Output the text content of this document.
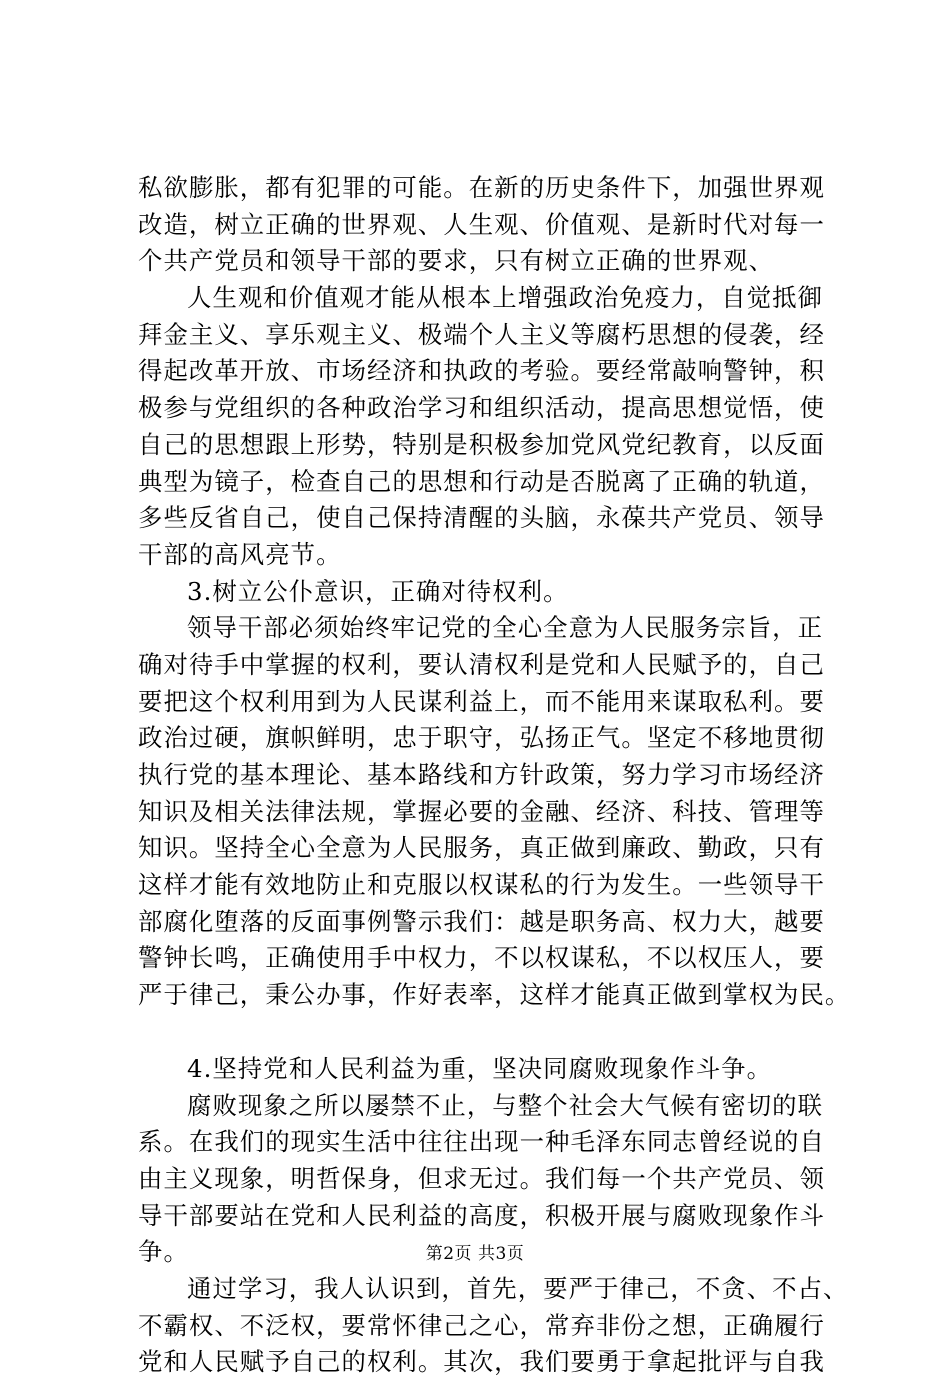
私欲膨胀，都有犯罪的可能。在新的历史条件下，加强世界观
改造，树立正确的世界观、人生观、价值观、是新时代对每一
个共产党员和领导干部的要求，只有树立正确的世界观、
人生观和价值观才能从根本上增强政治免疫力，自觉抵御
拜金主义、享乐观主义、极端个人主义等腐朽思想的侵袭，经
得起改革开放、市场经济和执政的考验。要经常敲响警钟，积
极参与党组织的各种政治学习和组织活动，提高思想觉悟，使
自己的思想跟上形势，特别是积极参加党风党纪教育，以反面
典型为镜子，检查自己的思想和行动是否脱离了正确的轨道，
多些反省自己，使自己保持清醒的头脑，永葆共产党员、领导
干部的高风亮节。
3.树立公仆意识，正确对待权利。
领导干部必须始终牢记党的全心全意为人民服务宗旨，正
确对待手中掌握的权利，要认清权利是党和人民赋予的，自己
要把这个权利用到为人民谋利益上，而不能用来谋取私利。要
政治过硬，旗帜鲜明，忠于职守，弘扬正气。坚定不移地贯彻
执行党的基本理论、基本路线和方针政策，努力学习市场经济
知识及相关法律法规，掌握必要的金融、经济、科技、管理等
知识。坚持全心全意为人民服务，真正做到廉政、勤政，只有
这样才能有效地防止和克服以权谋私的行为发生。一些领导干
部腐化堕落的反面事例警示我们：越是职务高、权力大，越要
警钟长鸣，正确使用手中权力，不以权谋私，不以权压人，要
严于律己，秉公办事，作好表率，这样才能真正做到掌权为民。
4.坚持党和人民利益为重，坚决同腐败现象作斗争。
腐败现象之所以屡禁不止，与整个社会大气候有密切的联
系。在我们的现实生活中往往出现一种毛泽东同志曾经说的自
由主义现象，明哲保身，但求无过。我们每一个共产党员、领
导干部要站在党和人民利益的高度，积极开展与腐败现象作斗
争。
通过学习，我人认识到，首先，要严于律己，不贪、不占、
不霸权、不泛权，要常怀律己之心，常弃非份之想，正确履行
党和人民赋予自己的权利。其次，我们要勇于拿起批评与自我
第2页 共3页
